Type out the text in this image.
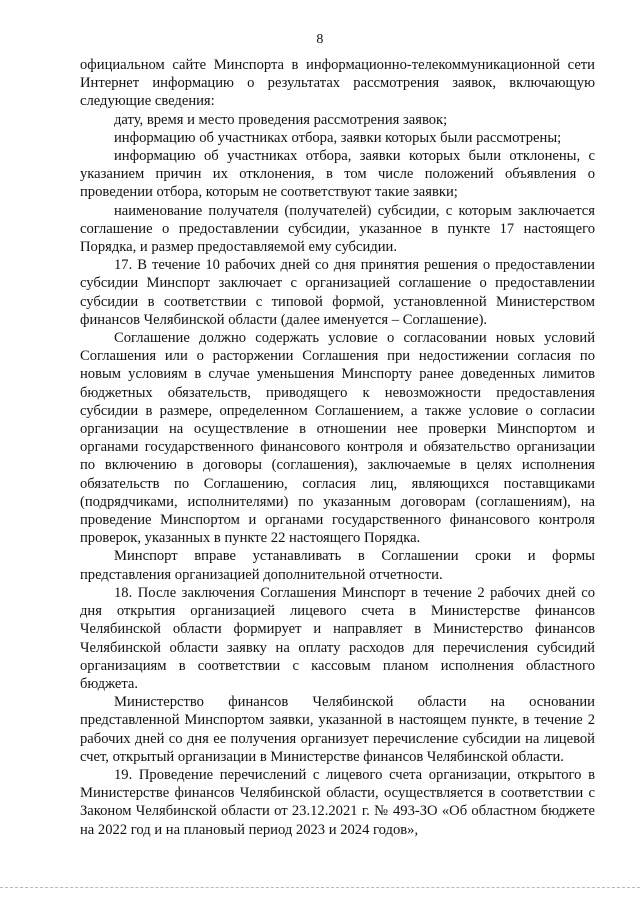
8

официальном сайте Минспорта в информационно-телекоммуникационной сети Интернет информацию о результатах рассмотрения заявок, включающую следующие сведения:

дату, время и место проведения рассмотрения заявок;

информацию об участниках отбора, заявки которых были рассмотрены;

информацию об участниках отбора, заявки которых были отклонены, с указанием причин их отклонения, в том числе положений объявления о проведении отбора, которым не соответствуют такие заявки;

наименование получателя (получателей) субсидии, с которым заключается соглашение о предоставлении субсидии, указанное в пункте 17 настоящего Порядка, и размер предоставляемой ему субсидии.

17. В течение 10 рабочих дней со дня принятия решения о предоставлении субсидии Минспорт заключает с организацией соглашение о предоставлении субсидии в соответствии с типовой формой, установленной Министерством финансов Челябинской области (далее именуется – Соглашение).

Соглашение должно содержать условие о согласовании новых условий Соглашения или о расторжении Соглашения при недостижении согласия по новым условиям в случае уменьшения Минспорту ранее доведенных лимитов бюджетных обязательств, приводящего к невозможности предоставления субсидии в размере, определенном Соглашением, а также условие о согласии организации на осуществление в отношении нее проверки Минспортом и органами государственного финансового контроля и обязательство организации по включению в договоры (соглашения), заключаемые в целях исполнения обязательств по Соглашению, согласия лиц, являющихся поставщиками (подрядчиками, исполнителями) по указанным договорам (соглашениям), на проведение Минспортом и органами государственного финансового контроля проверок, указанных в пункте 22 настоящего Порядка.

Минспорт вправе устанавливать в Соглашении сроки и формы представления организацией дополнительной отчетности.

18. После заключения Соглашения Минспорт в течение 2 рабочих дней со дня открытия организацией лицевого счета в Министерстве финансов Челябинской области формирует и направляет в Министерство финансов Челябинской области заявку на оплату расходов для перечисления субсидий организациям в соответствии с кассовым планом исполнения областного бюджета.

Министерство финансов Челябинской области на основании представленной Минспортом заявки, указанной в настоящем пункте, в течение 2 рабочих дней со дня ее получения организует перечисление субсидии на лицевой счет, открытый организации в Министерстве финансов Челябинской области.

19. Проведение перечислений с лицевого счета организации, открытого в Министерстве финансов Челябинской области, осуществляется в соответствии с Законом Челябинской области от 23.12.2021 г. № 493-ЗО «Об областном бюджете на 2022 год и на плановый период 2023 и 2024 годов»,
